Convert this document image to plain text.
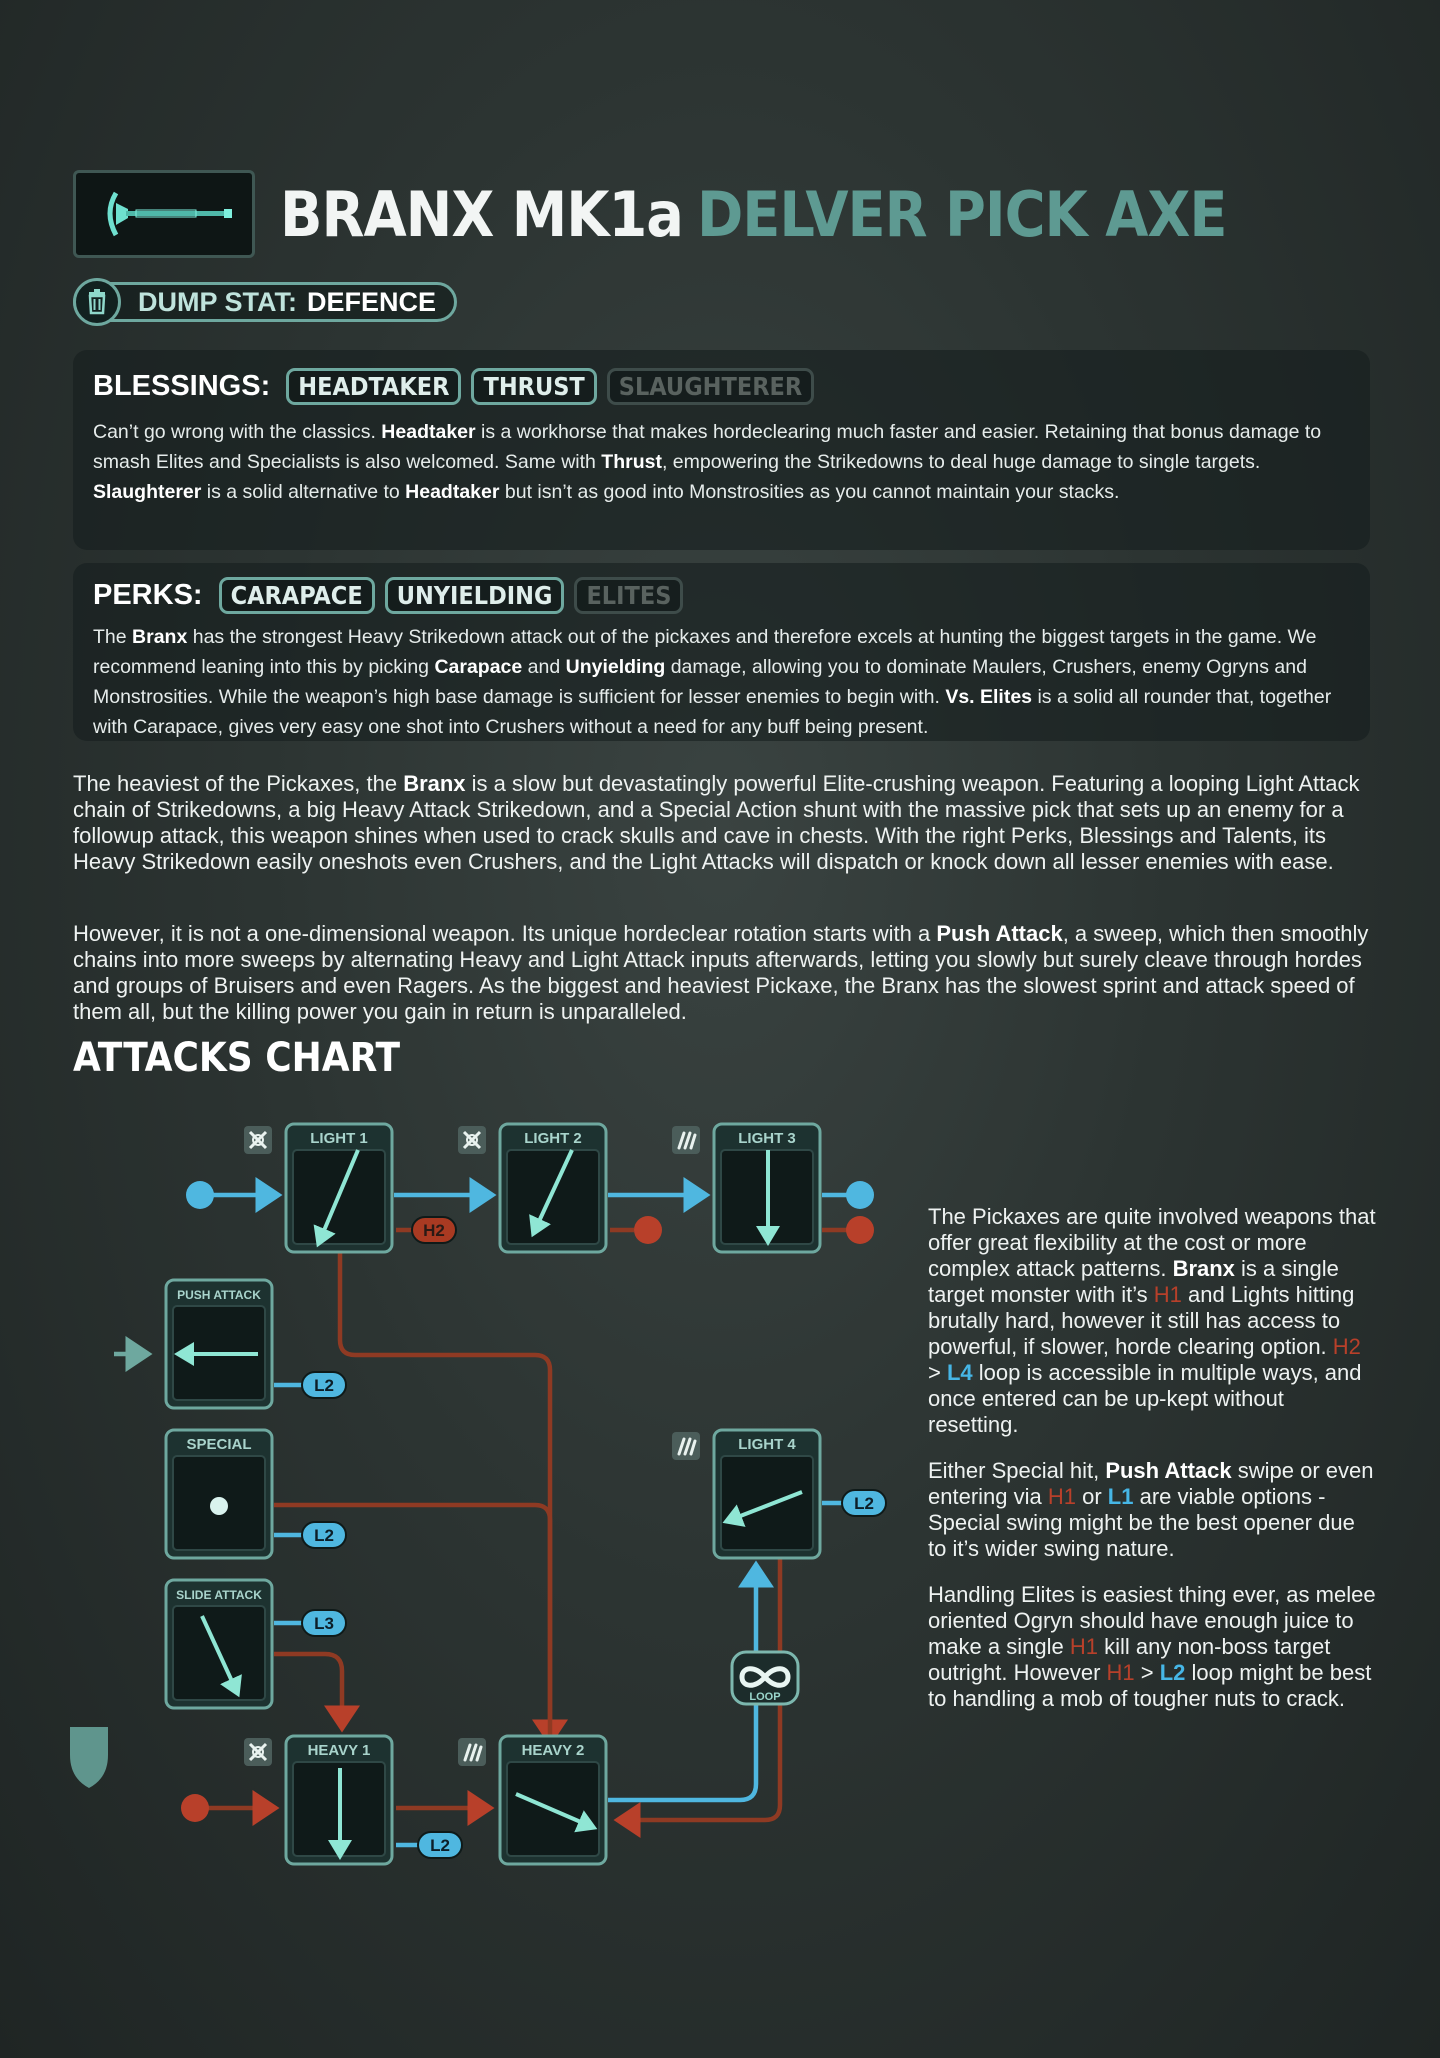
BRANX MK1a DELVER PICK AXE
DUMP STAT: DEFENCE
BLESSINGS:	HEADTAKER	THRUST	SLAUGHTERER
Can’t go wrong with the classics. Headtaker is a workhorse that makes hordeclearing much faster and easier. Retaining that bonus damage to smash Elites and Specialists is also welcomed. Same with Thrust, empowering the Strikedowns to deal huge damage to single targets. Slaughterer is a solid alternative to Headtaker but isn’t as good into Monstrosities as you cannot maintain your stacks.
PERKS:	CARAPACE	UNYIELDING	ELITES
The Branx has the strongest Heavy Strikedown attack out of the pickaxes and therefore excels at hunting the biggest targets in the game. We recommend leaning into this by picking Carapace and Unyielding damage, allowing you to dominate Maulers, Crushers, enemy Ogryns and Monstrosities. While the weapon’s high base damage is sufficient for lesser enemies to begin with. Vs. Elites is a solid all rounder that, together with Carapace, gives very easy one shot into Crushers without a need for any buff being present.
The heaviest of the Pickaxes, the Branx is a slow but devastatingly powerful Elite-crushing weapon. Featuring a looping Light Attack chain of Strikedowns, a big Heavy Attack Strikedown, and a Special Action shunt with the massive pick that sets up an enemy for a followup attack, this weapon shines when used to crack skulls and cave in chests. With the right Perks, Blessings and Talents, its Heavy Strikedown easily oneshots even Crushers, and the Light Attacks will dispatch or knock down all lesser enemies with ease.
However, it is not a one-dimensional weapon. Its unique hordeclear rotation starts with a Push Attack, a sweep, which then smoothly chains into more sweeps by alternating Heavy and Light Attack inputs afterwards, letting you slowly but surely cleave through hordes and groups of Bruisers and even Ragers. As the biggest and heaviest Pickaxe, the Branx has the slowest sprint and attack speed of them all, but the killing power you gain in return is unparalleled.
ATTACKS CHART
LIGHT 1	LIGHT 2	LIGHT 3
PUSH ATTACK
SPECIAL
SLIDE ATTACK
LIGHT 4
HEAVY 1	HEAVY 2
H2
L2
L2
L3
L2
L2
LOOP

The Pickaxes are quite involved weapons that offer great flexibility at the cost or more complex attack patterns. Branx is a single target monster with it’s H1 and Lights hitting brutally hard, however it still has access to powerful, if slower, horde clearing option. H2 > L4 loop is accessible in multiple ways, and once entered can be up-kept without resetting.

Either Special hit, Push Attack swipe or even entering via H1 or L1 are viable options - Special swing might be the best opener due to it’s wider swing nature.

Handling Elites is easiest thing ever, as melee oriented Ogryn should have enough juice to make a single H1 kill any non-boss target outright. However H1 > L2 loop might be best to handling a mob of tougher nuts to crack.
